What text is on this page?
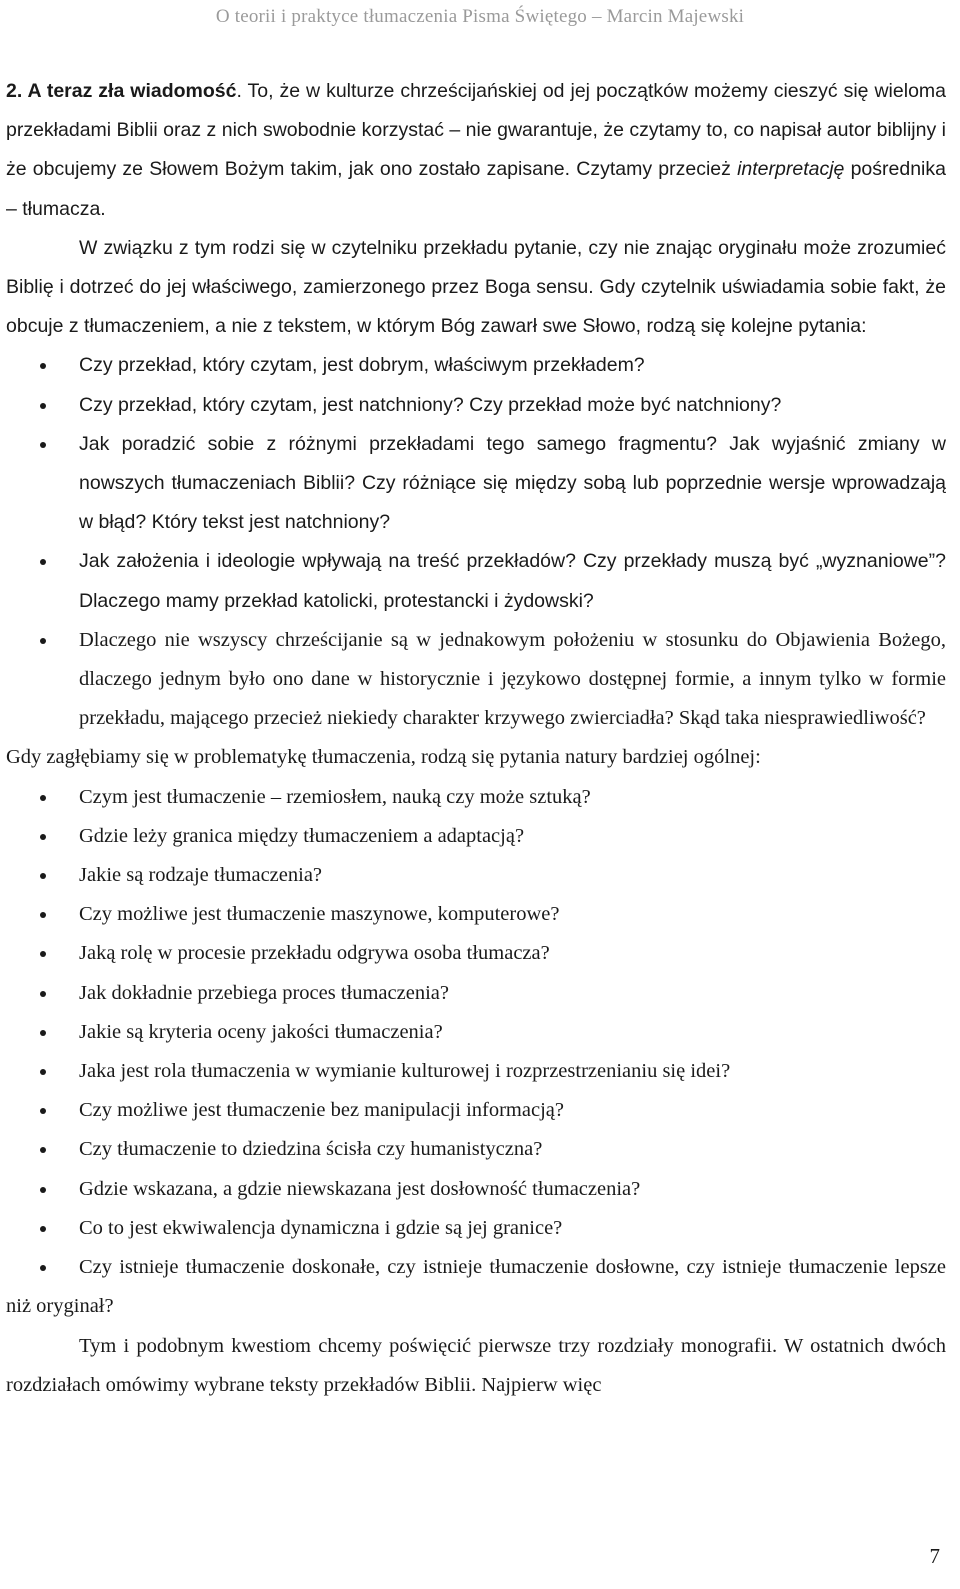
O teorii i praktyce tłumaczenia Pisma Świętego – Marcin Majewski

2. A teraz zła wiadomość. To, że w kulturze chrześcijańskiej od jej początków możemy cieszyć się wieloma przekładami Biblii oraz z nich swobodnie korzystać – nie gwarantuje, że czytamy to, co napisał autor biblijny i że obcujemy ze Słowem Bożym takim, jak ono zostało zapisane. Czytamy przecież interpretację pośrednika – tłumacza.

W związku z tym rodzi się w czytelniku przekładu pytanie, czy nie znając oryginału może zrozumieć Biblię i dotrzeć do jej właściwego, zamierzonego przez Boga sensu. Gdy czytelnik uświadamia sobie fakt, że obcuje z tłumaczeniem, a nie z tekstem, w którym Bóg zawarł swe Słowo, rodzą się kolejne pytania:

Czy przekład, który czytam, jest dobrym, właściwym przekładem?
Czy przekład, który czytam, jest natchniony? Czy przekład może być natchniony?
Jak poradzić sobie z różnymi przekładami tego samego fragmentu? Jak wyjaśnić zmiany w nowszych tłumaczeniach Biblii? Czy różniące się między sobą lub poprzednie wersje wprowadzają w błąd? Który tekst jest natchniony?
Jak założenia i ideologie wpływają na treść przekładów? Czy przekłady muszą być „wyznaniowe”? Dlaczego mamy przekład katolicki, protestancki i żydowski?
Dlaczego nie wszyscy chrześcijanie są w jednakowym położeniu w stosunku do Objawienia Bożego, dlaczego jednym było ono dane w historycznie i językowo dostępnej formie, a innym tylko w formie przekładu, mającego przecież niekiedy charakter krzywego zwierciadła? Skąd taka niesprawiedliwość?

Gdy zagłębiamy się w problematykę tłumaczenia, rodzą się pytania natury bardziej ogólnej:

Czym jest tłumaczenie – rzemiosłem, nauką czy może sztuką?
Gdzie leży granica między tłumaczeniem a adaptacją?
Jakie są rodzaje tłumaczenia?
Czy możliwe jest tłumaczenie maszynowe, komputerowe?
Jaką rolę w procesie przekładu odgrywa osoba tłumacza?
Jak dokładnie przebiega proces tłumaczenia?
Jakie są kryteria oceny jakości tłumaczenia?
Jaka jest rola tłumaczenia w wymianie kulturowej i rozprzestrzenianiu się idei?
Czy możliwe jest tłumaczenie bez manipulacji informacją?
Czy tłumaczenie to dziedzina ścisła czy humanistyczna?
Gdzie wskazana, a gdzie niewskazana jest dosłowność tłumaczenia?
Co to jest ekwiwalencja dynamiczna i gdzie są jej granice?
Czy istnieje tłumaczenie doskonałe, czy istnieje tłumaczenie dosłowne, czy istnieje tłumaczenie lepsze niż oryginał?

Tym i podobnym kwestiom chcemy poświęcić pierwsze trzy rozdziały monografii. W ostatnich dwóch rozdziałach omówimy wybrane teksty przekładów Biblii. Najpierw więc

7
